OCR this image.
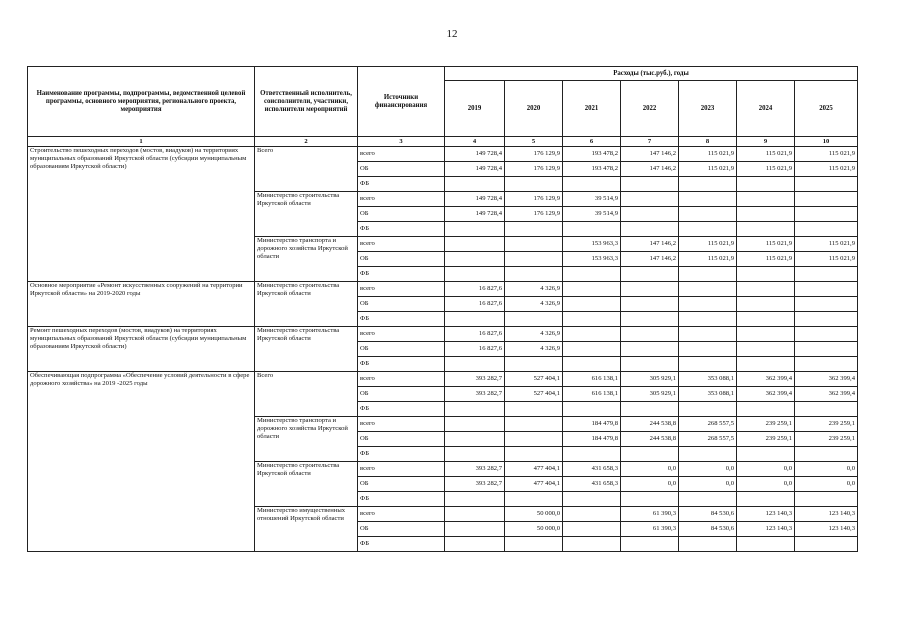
12
Наименование программы, подпрограммы, ведомственной целевой программы, основного мероприятия, регионального проекта, мероприятия	Ответственный исполнитель, соисполнители, участники, исполнители мероприятий	Источники финансирования	Расходы (тыс.руб.), годы						
			2019	2020	2021	2022	2023	2024	2025
1	2	3	4	5	6	7	8	9	10
Строительство пешеходных переходов (мостов, виадуков) на территориях муниципальных образований Иркутской области (субсидии муниципальным образованиям Иркутской области)	Всего	всего	149 728,4	176 129,9	193 478,2	147 146,2	115 021,9	115 021,9	115 021,9
		ОБ	149 728,4	176 129,9	193 478,2	147 146,2	115 021,9	115 021,9	115 021,9
		ФБ							
	Министерство строительства Иркутской области	всего	149 728,4	176 129,9	39 514,9				
		ОБ	149 728,4	176 129,9	39 514,9				
		ФБ							
	Министерство транспорта и дорожного хозяйства Иркутской области	всего			153 963,3	147 146,2	115 021,9	115 021,9	115 021,9
		ОБ			153 963,3	147 146,2	115 021,9	115 021,9	115 021,9
		ФБ							
Основное мероприятие «Ремонт искусственных сооружений на территории Иркутской области» на 2019-2020 годы	Министерство строительства Иркутской области	всего	16 827,6	4 326,9					
		ОБ	16 827,6	4 326,9					
		ФБ							
Ремонт пешеходных переходов (мостов, виадуков) на территориях муниципальных образований Иркутской области (субсидии муниципальным образованиям Иркутской области)	Министерство строительства Иркутской области	всего	16 827,6	4 326,9					
		ОБ	16 827,6	4 326,9					
		ФБ							
Обеспечивающая подпрограмма «Обеспечение условий деятельности в сфере дорожного хозяйства» на 2019 -2025 годы	Всего	всего	393 282,7	527 404,1	616 138,1	305 929,1	353 088,1	362 399,4	362 399,4
		ОБ	393 282,7	527 404,1	616 138,1	305 929,1	353 088,1	362 399,4	362 399,4
		ФБ							
	Министерство транспорта и дорожного хозяйства Иркутской области	всего			184 479,8	244 538,8	268 557,5	239 259,1	239 259,1
		ОБ			184 479,8	244 538,8	268 557,5	239 259,1	239 259,1
		ФБ							
	Министерство строительства Иркутской области	всего	393 282,7	477 404,1	431 658,3	0,0	0,0	0,0	0,0
		ОБ	393 282,7	477 404,1	431 658,3	0,0	0,0	0,0	0,0
		ФБ							
	Министерство имущественных отношений Иркутской области	всего		50 000,0		61 390,3	84 530,6	123 140,3	123 140,3
		ОБ		50 000,0		61 390,3	84 530,6	123 140,3	123 140,3
		ФБ							
